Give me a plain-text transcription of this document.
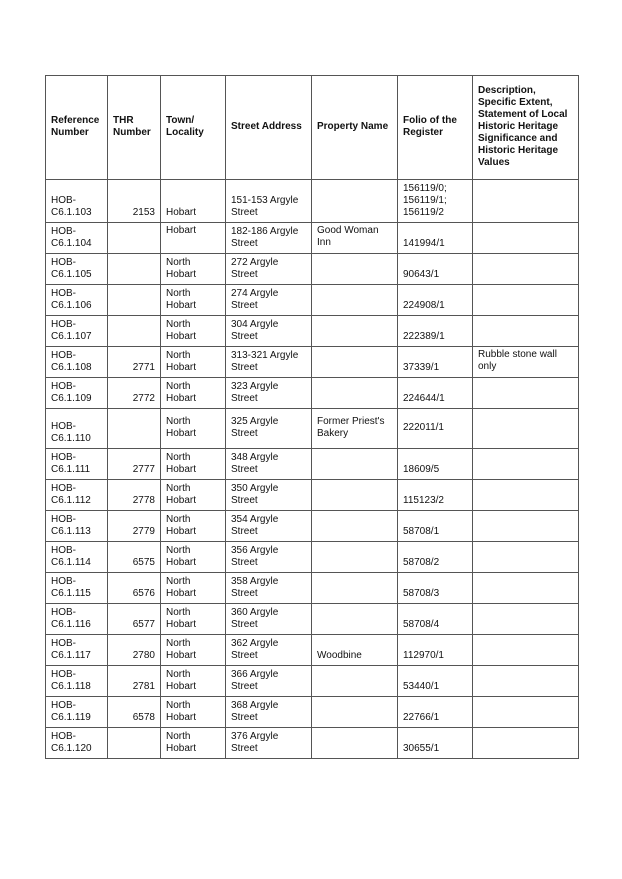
Reference Number	THR Number	Town/ Locality	Street Address	Property Name	Folio of the Register	Description, Specific Extent, Statement of Local Historic Heritage Significance and Historic Heritage Values
HOB-C6.1.103	2153	Hobart	151-153 Argyle Street		156119/0; 156119/1; 156119/2	
HOB-C6.1.104		Hobart	182-186 Argyle Street	Good Woman Inn	141994/1	
HOB-C6.1.105		North Hobart	272 Argyle Street		90643/1	
HOB-C6.1.106		North Hobart	274 Argyle Street		224908/1	
HOB-C6.1.107		North Hobart	304 Argyle Street		222389/1	
HOB-C6.1.108	2771	North Hobart	313-321 Argyle Street		37339/1	Rubble stone wall only
HOB-C6.1.109	2772	North Hobart	323 Argyle Street		224644/1	
HOB-C6.1.110		North Hobart	325 Argyle Street	Former Priest's Bakery	222011/1	
HOB-C6.1.111	2777	North Hobart	348 Argyle Street		18609/5	
HOB-C6.1.112	2778	North Hobart	350 Argyle Street		115123/2	
HOB-C6.1.113	2779	North Hobart	354 Argyle Street		58708/1	
HOB-C6.1.114	6575	North Hobart	356 Argyle Street		58708/2	
HOB-C6.1.115	6576	North Hobart	358 Argyle Street		58708/3	
HOB-C6.1.116	6577	North Hobart	360 Argyle Street		58708/4	
HOB-C6.1.117	2780	North Hobart	362 Argyle Street	Woodbine	112970/1	
HOB-C6.1.118	2781	North Hobart	366 Argyle Street		53440/1	
HOB-C6.1.119	6578	North Hobart	368 Argyle Street		22766/1	
HOB-C6.1.120		North Hobart	376 Argyle Street		30655/1	
